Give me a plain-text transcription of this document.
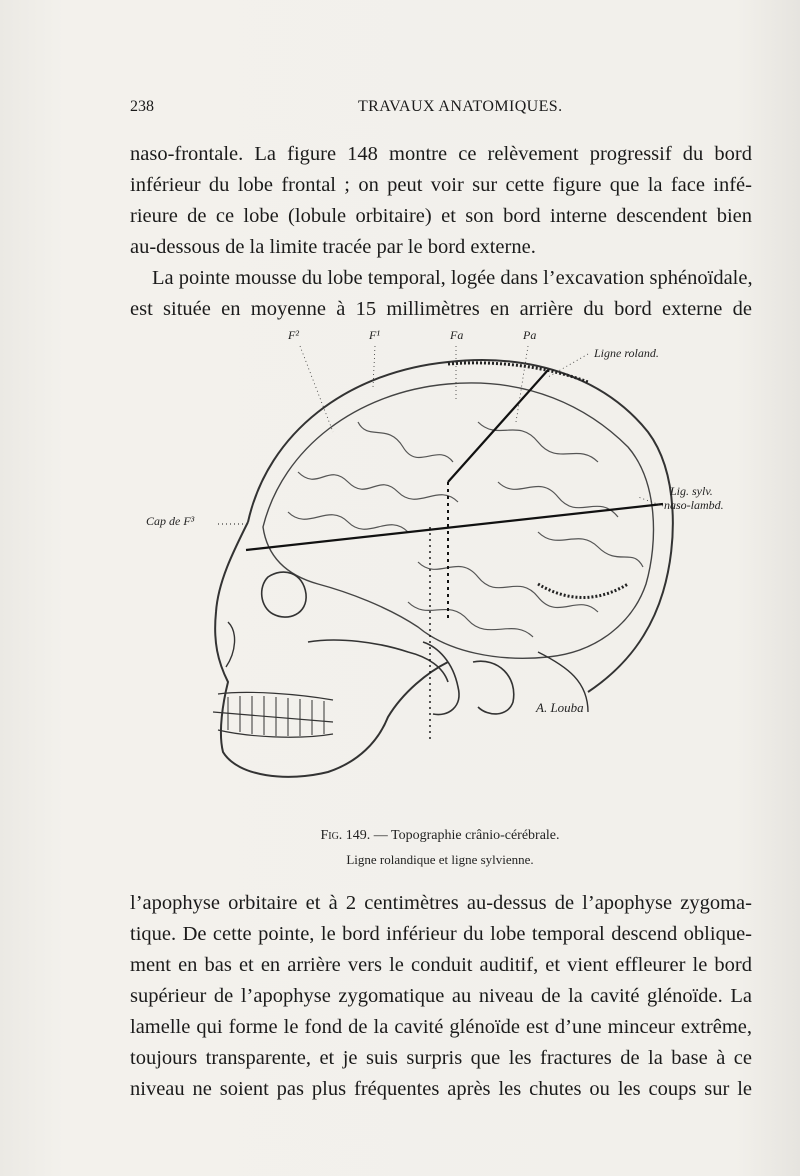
238	TRAVAUX ANATOMIQUES.
naso-frontale. La figure 148 montre ce relèvement progressif du bord
inférieur du lobe frontal ; on peut voir sur cette figure que la face infé-
rieure de ce lobe (lobule orbitaire) et son bord interne descendent bien
au-dessous de la limite tracée par le bord externe.
La pointe mousse du lobe temporal, logée dans l’excavation sphénoïdale,
est située en moyenne à 15 millimètres en arrière du bord externe de
F²	F¹	Fa	Pa
Ligne roland.
Lig. sylv.
naso-lambd.
Cap de F³
A. Louba
Fig. 149. — Topographie crânio-cérébrale.
Ligne rolandique et ligne sylvienne.
l’apophyse orbitaire et à 2 centimètres au-dessus de l’apophyse zygoma-
tique. De cette pointe, le bord inférieur du lobe temporal descend oblique-
ment en bas et en arrière vers le conduit auditif, et vient effleurer le bord
supérieur de l’apophyse zygomatique au niveau de la cavité glénoïde. La
lamelle qui forme le fond de la cavité glénoïde est d’une minceur extrême,
toujours transparente, et je suis surpris que les fractures de la base à ce
niveau ne soient pas plus fréquentes après les chutes ou les coups sur le
